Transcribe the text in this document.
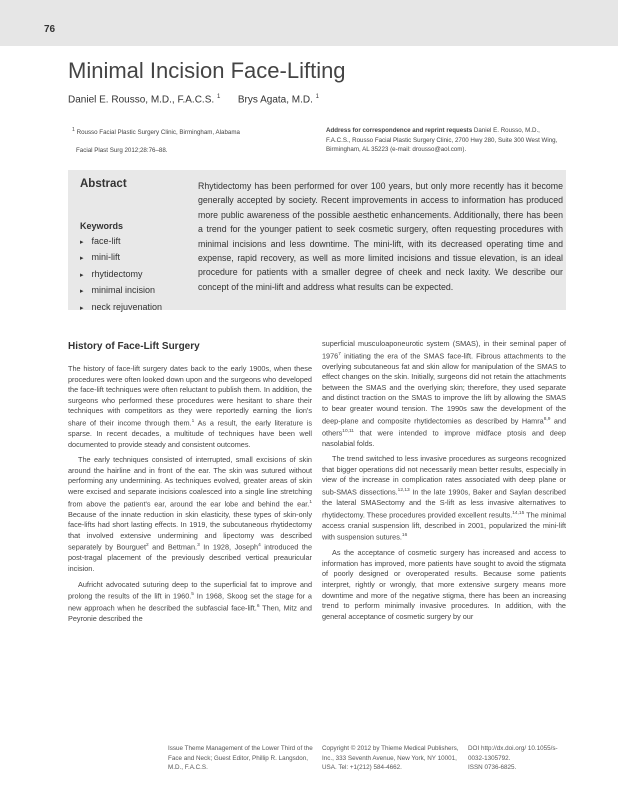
76
Minimal Incision Face-Lifting
Daniel E. Rousso, M.D., F.A.C.S. $^1$ Brys Agata, M.D. $^1$
$^1$ Rousso Facial Plastic Surgery Clinic, Birmingham, Alabama
Facial Plast Surg 2012;28:76–88.
Address for correspondence and reprint requests Daniel E. Rousso, M.D., F.A.C.S., Rousso Facial Plastic Surgery Clinic, 2700 Hwy 280, Suite 300 West Wing, Birmingham, AL 35223 (e-mail: drousso@aol.com).
Abstract
Keywords
▸ face-lift
▸ mini-lift
▸ rhytidectomy
▸ minimal incision
▸ neck rejuvenation
Rhytidectomy has been performed for over 100 years, but only more recently has it become generally accepted by society. Recent improvements in access to information has produced more public awareness of the possible aesthetic enhancements. Additionally, there has been a trend for the younger patient to seek cosmetic surgery, often requesting procedures with minimal incisions and less downtime. The mini-lift, with its decreased operating time and expense, rapid recovery, as well as more limited incisions and tissue elevation, is an ideal procedure for patients with a smaller degree of cheek and neck laxity. We describe our concept of the mini-lift and address what results can be expected.
History of Face-Lift Surgery

The history of face-lift surgery dates back to the early 1900s, when these procedures were often looked down upon and the surgeons who developed the face-lift techniques were often reluctant to publish them. In addition, the surgeons who performed these procedures were hesitant to share their techniques with competitors as they were reportedly earning the lion's share of their income through them.$^1$ As a result, the early literature is sparse. In recent decades, a multitude of techniques have been well documented to provide steady and consistent outcomes.

The early techniques consisted of interrupted, small excisions of skin around the hairline and in front of the ear. The skin was sutured without performing any undermining. As techniques evolved, greater areas of skin were excised and separate incisions coalesced into a single line stretching from above the patient's ear, around the ear lobe and behind the ear.$^1$ Because of the innate reduction in skin elasticity, these types of skin-only face-lifts had short lasting effects. In 1919, the subcutaneous rhytidectomy that involved extensive undermining and lipectomy was described separately by Bourguet$^2$ and Bettman.$^3$ In 1928, Joseph$^4$ introduced the post-tragal placement of the previously described vertical preauricular incision.

Aufricht advocated suturing deep to the superficial fat to improve and prolong the results of the lift in 1960.$^5$ In 1968, Skoog set the stage for a new approach when he described the subfascial face-lift.$^6$ Then, Mitz and Peyronie described the

superficial musculoaponeurotic system (SMAS), in their seminal paper of 1976$^7$ initiating the era of the SMAS face-lift. Fibrous attachments to the overlying subcutaneous fat and skin allow for manipulation of the SMAS to effect changes on the skin. Initially, surgeons did not retain the attachments between the SMAS and the overlying skin; therefore, they used separate and distinct traction on the SMAS to improve the lift by allowing the SMAS to bear greater wound tension. The 1990s saw the development of the deep-plane and composite rhytidectomies as described by Hamra$^{8,9}$ and others$^{10,11}$ that were intended to improve midface ptosis and deep nasolabial folds.

The trend switched to less invasive procedures as surgeons recognized that bigger operations did not necessarily mean better results, especially in view of the increase in complication rates associated with deep plane or sub-SMAS dissections.$^{12,13}$ In the late 1990s, Baker and Saylan described the lateral SMASectomy and the S-lift as less invasive alternatives to rhytidectomy. These procedures provided excellent results.$^{14,15}$ The minimal access cranial suspension lift, described in 2001, popularized the mini-lift with suspension sutures.$^{16}$

As the acceptance of cosmetic surgery has increased and access to information has improved, more patients have sought to avoid the stigmata of poorly designed or overoperated results. Because some patients interpret, rightly or wrongly, that more extensive surgery means more downtime and more of the negative stigma, there has been an increasing trend to perform minimally invasive procedures. In addition, with the general acceptance of cosmetic surgery by our

Issue Theme Management of the Lower Third of the Face and Neck; Guest Editor, Phillip R. Langsdon, M.D., F.A.C.S.
Copyright © 2012 by Thieme Medical Publishers, Inc., 333 Seventh Avenue, New York, NY 10001, USA. Tel: +1(212) 584-4662.
DOI http://dx.doi.org/ 10.1055/s-0032-1305792.
ISSN 0736-6825.
